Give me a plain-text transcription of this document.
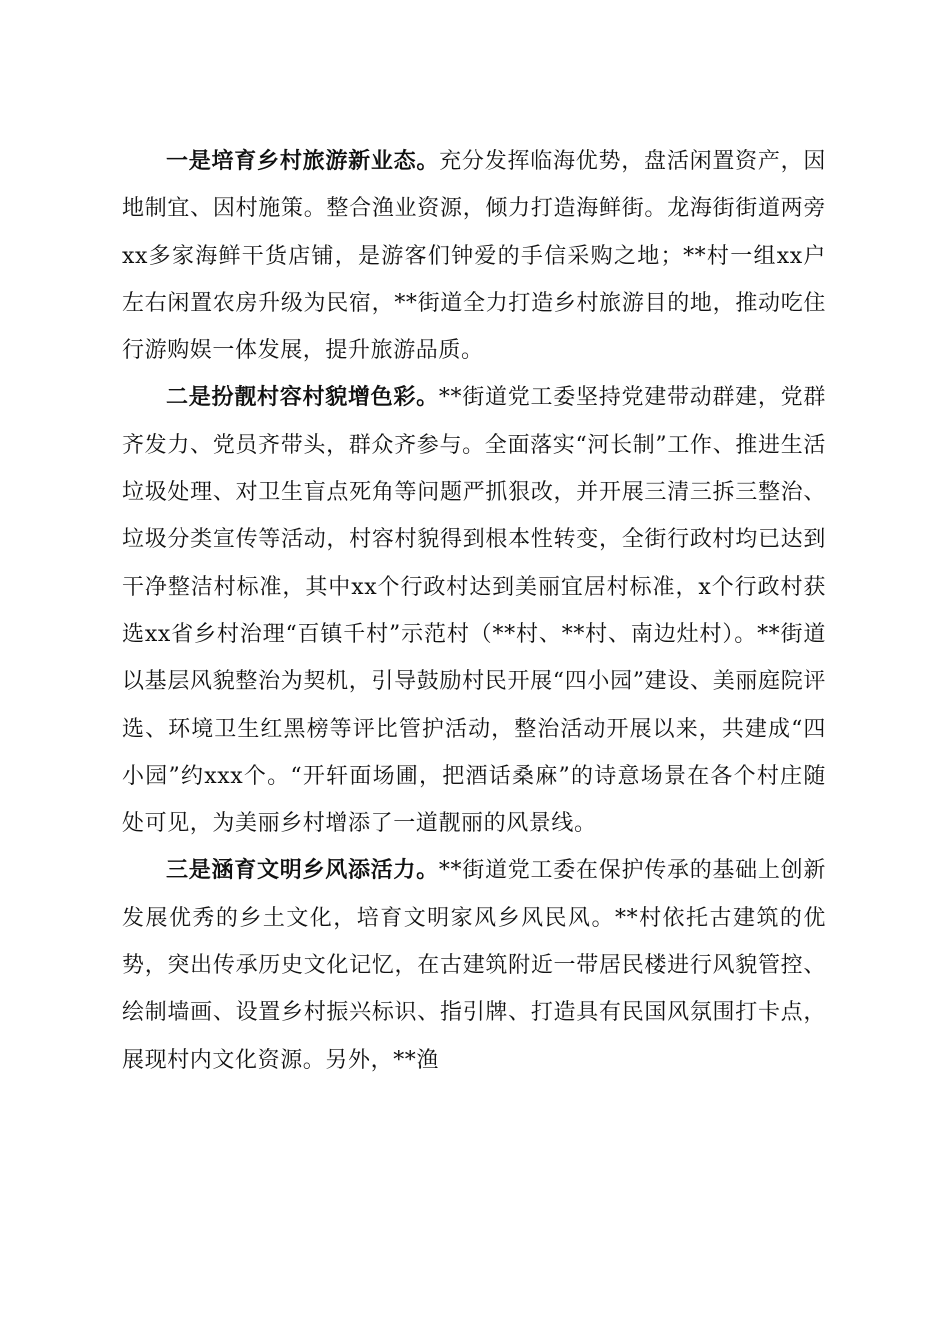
一是培育乡村旅游新业态。充分发挥临海优势，盘活闲置资产，因地制宜、因村施策。整合渔业资源，倾力打造海鲜街。龙海街街道两旁xx多家海鲜干货店铺，是游客们钟爱的手信采购之地；**村一组xx户左右闲置农房升级为民宿，**街道全力打造乡村旅游目的地，推动吃住行游购娱一体发展，提升旅游品质。

二是扮靓村容村貌增色彩。**街道党工委坚持党建带动群建，党群齐发力、党员齐带头，群众齐参与。全面落实“河长制”工作、推进生活垃圾处理、对卫生盲点死角等问题严抓狠改，并开展三清三拆三整治、垃圾分类宣传等活动，村容村貌得到根本性转变，全街行政村均已达到干净整洁村标准，其中xx个行政村达到美丽宜居村标准，x个行政村获选xx省乡村治理“百镇千村”示范村（**村、**村、南边灶村）。**街道以基层风貌整治为契机，引导鼓励村民开展“四小园”建设、美丽庭院评选、环境卫生红黑榜等评比管护活动，整治活动开展以来，共建成“四小园”约xxx个。“开轩面场圃，把酒话桑麻”的诗意场景在各个村庄随处可见，为美丽乡村增添了一道靓丽的风景线。

三是涵育文明乡风添活力。**街道党工委在保护传承的基础上创新发展优秀的乡土文化，培育文明家风乡风民风。**村依托古建筑的优势，突出传承历史文化记忆，在古建筑附近一带居民楼进行风貌管控、绘制墙画、设置乡村振兴标识、指引牌、打造具有民国风氛围打卡点，展现村内文化资源。另外，**渔
